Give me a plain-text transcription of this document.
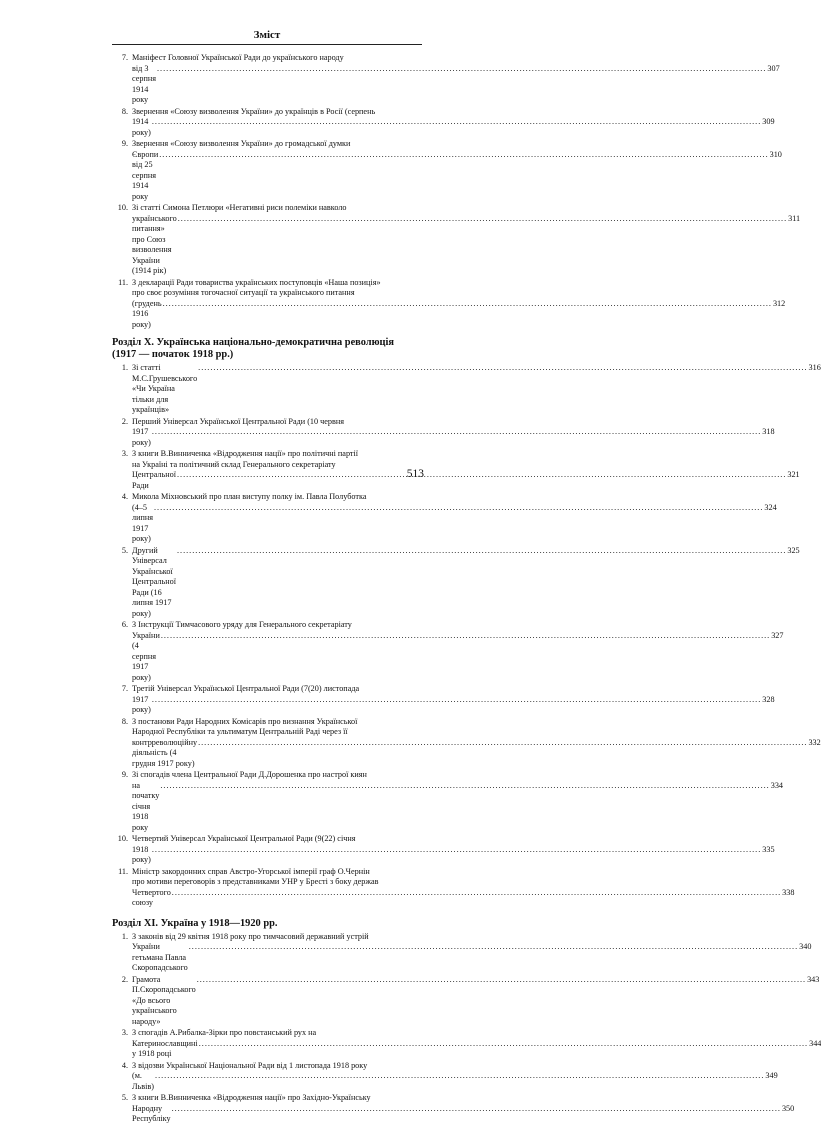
Зміст
7. Маніфест Головної Української Ради до українського народу
від 3 серпня 1914 року
.....
307
8. Звернення «Союзу визволення України» до українців в Росії (серпень
1914 року)
.....
309
9. Звернення «Союзу визволення України» до громадської думки
Європи від 25 серпня 1914 року
.....
310
10. Зі статті Симона Петлюри «Негативні риси полеміки навколо
українського питання» про Союз визволення України (1914 рік)
.....
311
11. З декларації Ради товариства українських поступовців «Наша позиція»
про своє розуміння тогочасної ситуації та українського питання
(грудень 1916 року)
.....
312
Розділ Х. Українська національно-демократична революція
(1917 — початок 1918 рр.)
1. Зі статті М.С.Грушевського «Чи Україна тільки для українців»
.....
316
2. Перший Універсал Української Центральної Ради (10 червня
1917 року)
.....
318
3. З книги В.Винниченка «Відродження нації» про політичні партії
на Україні та політичний склад Генерального секретаріату
Центральної Ради
.....
321
4. Микола Міхновський про план виступу полку ім. Павла Полуботка
(4–5 липня 1917 року)
.....
324
5. Другий Універсал Української Центральної Ради (16 липня 1917 року)
.....
325
6. З Інструкції Тимчасового уряду для Генерального секретаріату
України (4 серпня 1917 року)
.....
327
7. Третій Універсал Української Центральної Ради (7(20) листопада
1917 року)
.....
328
8. З постанови Ради Народних Комісарів про визнання Української
Народної Республіки та ультиматум Центральній Раді через її
контрреволюційну діяльність (4 грудня 1917 року)
.....
332
9. Зі спогадів члена Центральної Ради Д.Дорошенка про настрої киян
на початку січня 1918 року
.....
334
10. Четвертий Універсал Української Центральної Ради (9(22) січня
1918 року)
.....
335
11. Міністр закордонних справ Австро-Угорської імперії граф О.Чернін
про мотиви переговорів з представниками УНР у Бресті з боку держав
Четвертого союзу
.....
338
Розділ ХІ. Україна у 1918—1920 рр.
1. З законів від 29 квітня 1918 року про тимчасовий державний устрій
України гетьмана Павла Скоропадського
.....
340
2. Грамота П.Скоропадського «До всього українського народу»
.....
343
3. З спогадів А.Рибалка-Зірки про повстанський рух на
Катеринославщині у 1918 році
.....
344
4. З відозви Української Національної Ради від 1 листопада 1918 року
(м. Львів)
.....
349
5. З книги В.Винниченка «Відродження нації» про Західно-Українську
Народну Республіку
.....
350
513
